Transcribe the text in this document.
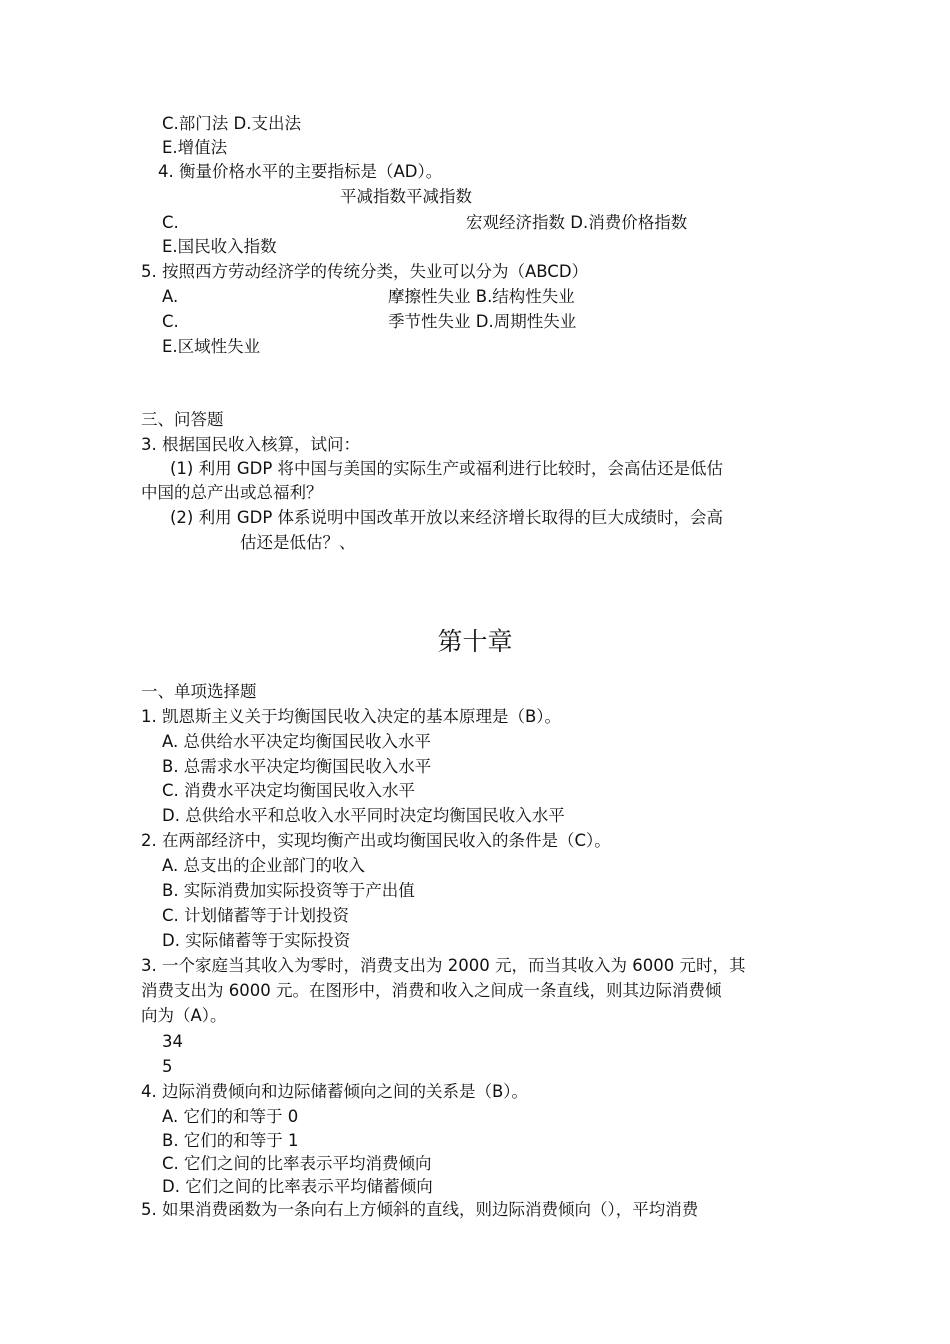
C.部门法 D.支出法
E.增值法
4. 衡量价格水平的主要指标是（AD）。
平减指数平减指数
C.	宏观经济指数 D.消费价格指数
E.国民收入指数
5. 按照西方劳动经济学的传统分类，失业可以分为（ABCD）
A.	摩擦性失业 B.结构性失业
C.	季节性失业 D.周期性失业
E.区域性失业
三、问答题
3. 根据国民收入核算，试问：
(1) 利用 GDP 将中国与美国的实际生产或福利进行比较时，会高估还是低估
中国的总产出或总福利？
(2) 利用 GDP 体系说明中国改革开放以来经济增长取得的巨大成绩时，会高
估还是低估？、
第十章
一、单项选择题
1. 凯恩斯主义关于均衡国民收入决定的基本原理是（B）。
A. 总供给水平决定均衡国民收入水平
B. 总需求水平决定均衡国民收入水平
C. 消费水平决定均衡国民收入水平
D. 总供给水平和总收入水平同时决定均衡国民收入水平
2. 在两部经济中，实现均衡产出或均衡国民收入的条件是（C）。
A. 总支出的企业部门的收入
B. 实际消费加实际投资等于产出值
C. 计划储蓄等于计划投资
D. 实际储蓄等于实际投资
3. 一个家庭当其收入为零时，消费支出为 2000 元，而当其收入为 6000 元时，其
消费支出为 6000 元。在图形中，消费和收入之间成一条直线，则其边际消费倾
向为（A）。
34
5
4. 边际消费倾向和边际储蓄倾向之间的关系是（B）。
A. 它们的和等于 0
B. 它们的和等于 1
C. 它们之间的比率表示平均消费倾向
D. 它们之间的比率表示平均储蓄倾向
5. 如果消费函数为一条向右上方倾斜的直线，则边际消费倾向（），平均消费
